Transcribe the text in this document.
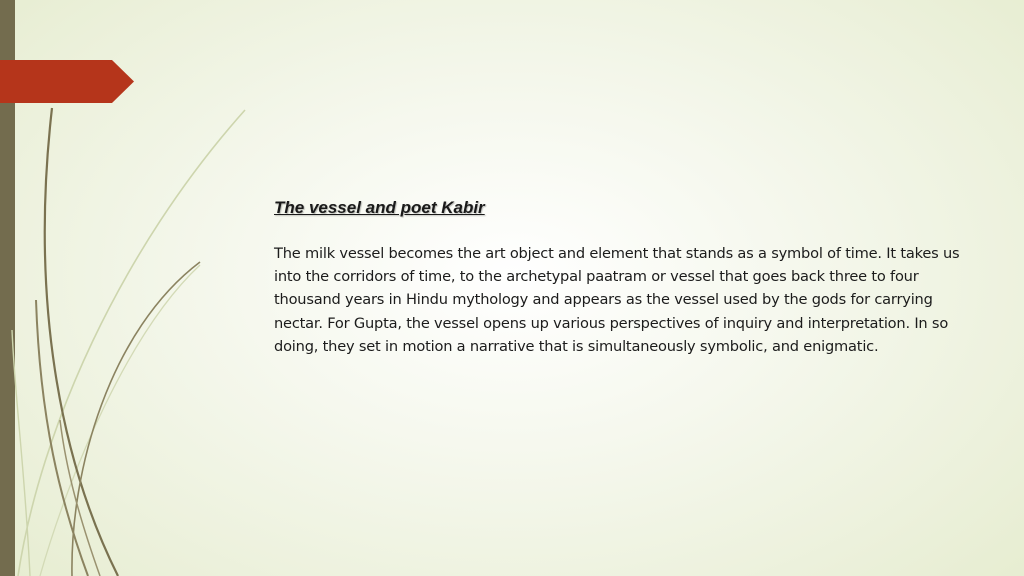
The vessel and poet Kabir

The milk vessel becomes the art object and element that stands as a symbol of time. It takes us into the corridors of time, to the archetypal paatram or vessel that goes back three to four thousand years in Hindu mythology and appears as the vessel used by the gods for carrying nectar. For Gupta, the vessel opens up various perspectives of inquiry and interpretation. In so doing, they set in motion a narrative that is simultaneously symbolic, and enigmatic.
